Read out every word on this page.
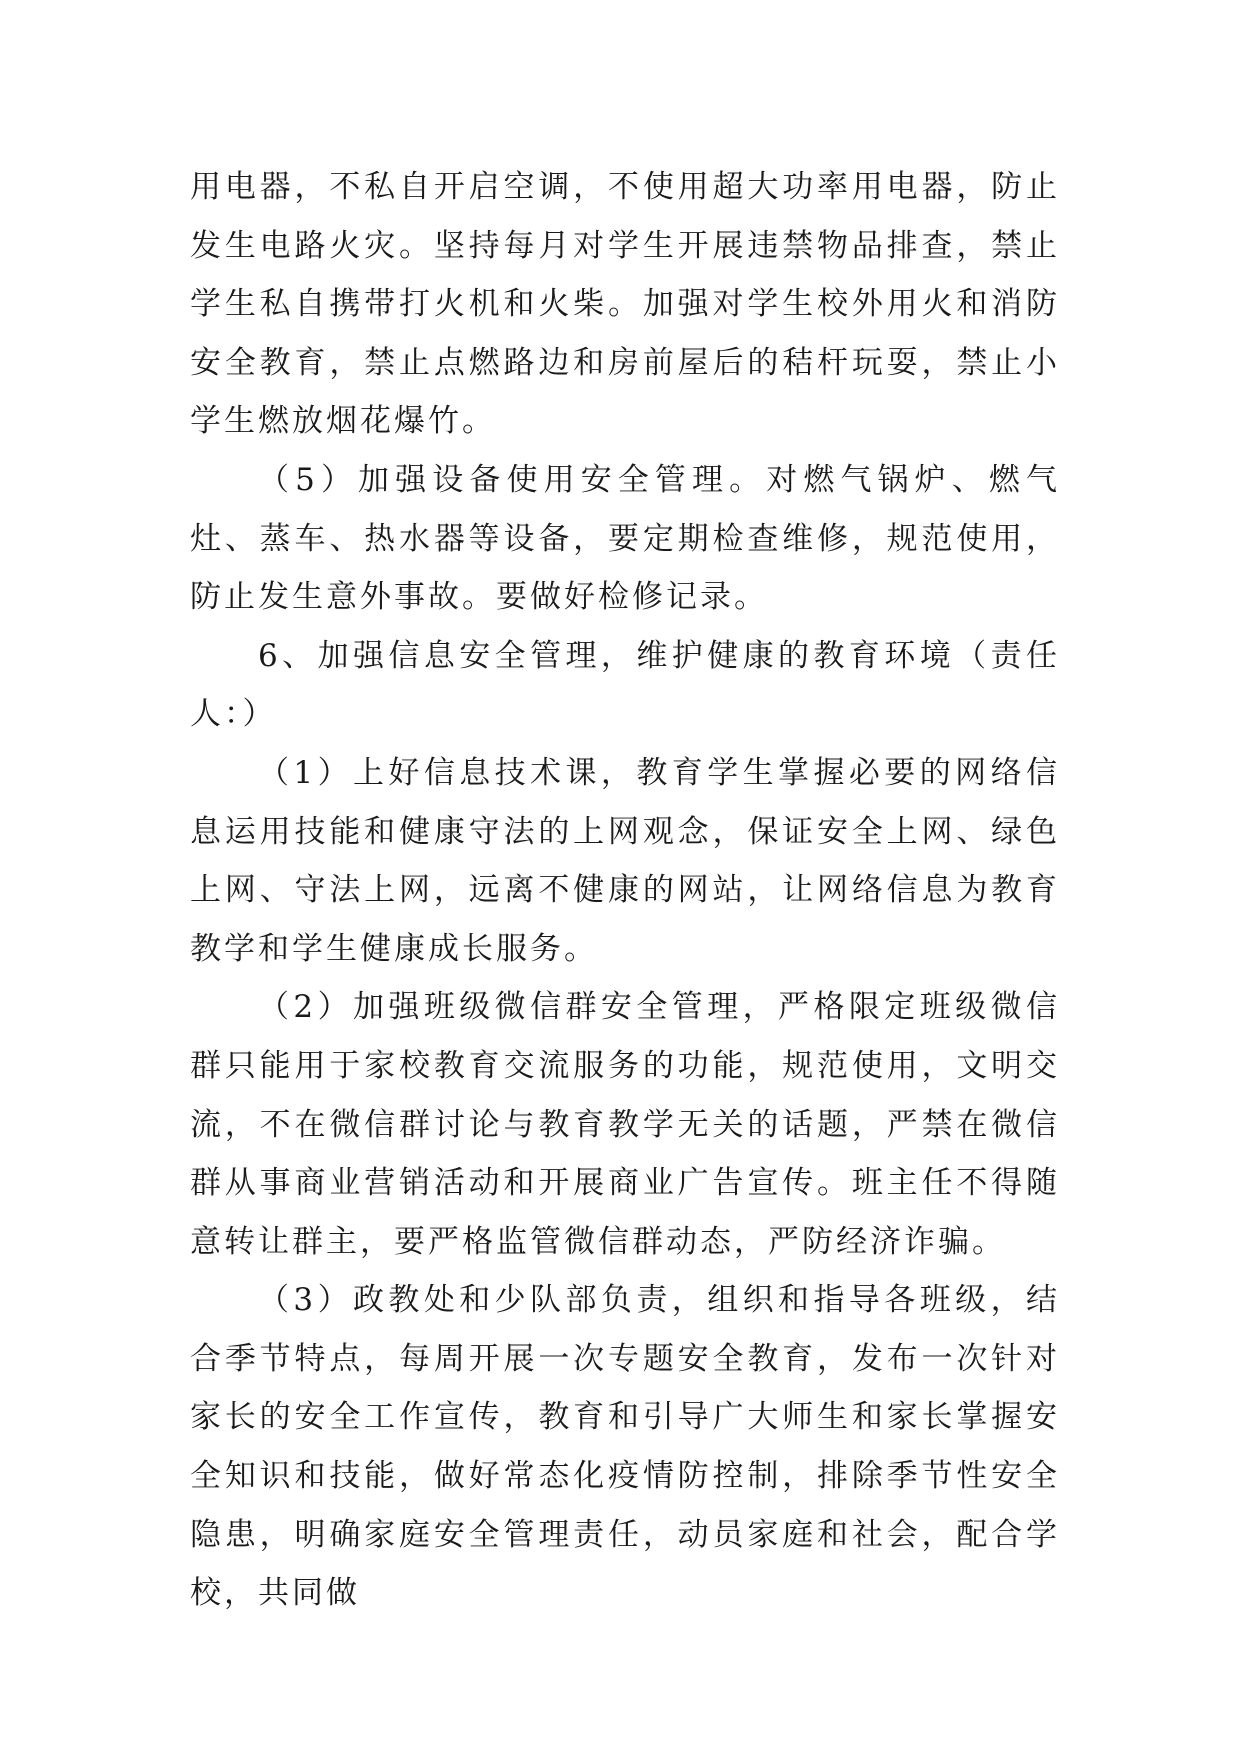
用电器，不私自开启空调，不使用超大功率用电器，防止发生电路火灾。坚持每月对学生开展违禁物品排查，禁止学生私自携带打火机和火柴。加强对学生校外用火和消防安全教育，禁止点燃路边和房前屋后的秸杆玩耍，禁止小学生燃放烟花爆竹。

（5）加强设备使用安全管理。对燃气锅炉、燃气灶、蒸车、热水器等设备，要定期检查维修，规范使用，防止发生意外事故。要做好检修记录。

6、加强信息安全管理，维护健康的教育环境（责任人：）

（1）上好信息技术课，教育学生掌握必要的网络信息运用技能和健康守法的上网观念，保证安全上网、绿色上网、守法上网，远离不健康的网站，让网络信息为教育教学和学生健康成长服务。

（2）加强班级微信群安全管理，严格限定班级微信群只能用于家校教育交流服务的功能，规范使用，文明交流，不在微信群讨论与教育教学无关的话题，严禁在微信群从事商业营销活动和开展商业广告宣传。班主任不得随意转让群主，要严格监管微信群动态，严防经济诈骗。

（3）政教处和少队部负责，组织和指导各班级，结合季节特点，每周开展一次专题安全教育，发布一次针对家长的安全工作宣传，教育和引导广大师生和家长掌握安全知识和技能，做好常态化疫情防控制，排除季节性安全隐患，明确家庭安全管理责任，动员家庭和社会，配合学校，共同做
